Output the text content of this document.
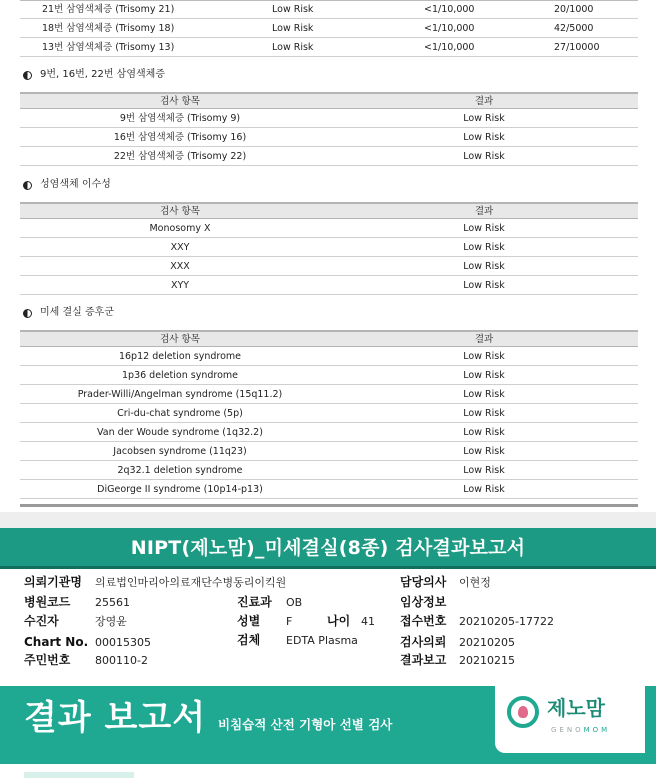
21번 삼염색체증 (Trisomy 21)	Low Risk	<1/10,000	20/1000
18번 삼염색체증 (Trisomy 18)	Low Risk	<1/10,000	42/5000
13번 삼염색체증 (Trisomy 13)	Low Risk	<1/10,000	27/10000
9번, 16번, 22번 삼염색체증
검사 항목	결과
9번 삼염색체증 (Trisomy 9)	Low Risk
16번 삼염색체증 (Trisomy 16)	Low Risk
22번 삼염색체증 (Trisomy 22)	Low Risk
성염색체 이수성
검사 항목	결과
Monosomy X	Low Risk
XXY	Low Risk
XXX	Low Risk
XYY	Low Risk
미세 결실 증후군
검사 항목	결과
16p12 deletion syndrome	Low Risk
1p36 deletion syndrome	Low Risk
Prader-Willi/Angelman syndrome (15q11.2)	Low Risk
Cri-du-chat syndrome (5p)	Low Risk
Van der Woude syndrome (1q32.2)	Low Risk
Jacobsen syndrome (11q23)	Low Risk
2q32.1 deletion syndrome	Low Risk
DiGeorge II syndrome (10p14-p13)	Low Risk
NIPT(제노맘)_미세결실(8종) 검사결과보고서
의뢰기관명 의료법인마리아의료재단수병동리이킥원
병원코드 25561
수진자	장영윤
Chart No. 00015305
주민번호 800110-2
진료과 OB
성별 F	나이 41
검체 EDTA Plasma
담당의사 이현정
임상정보
접수번호 20210205-17722
검사의뢰 20210205
결과보고 20210215
결과 보고서 비침습적 산전 기형아 선별 검사
제노맘
GENOMOM
